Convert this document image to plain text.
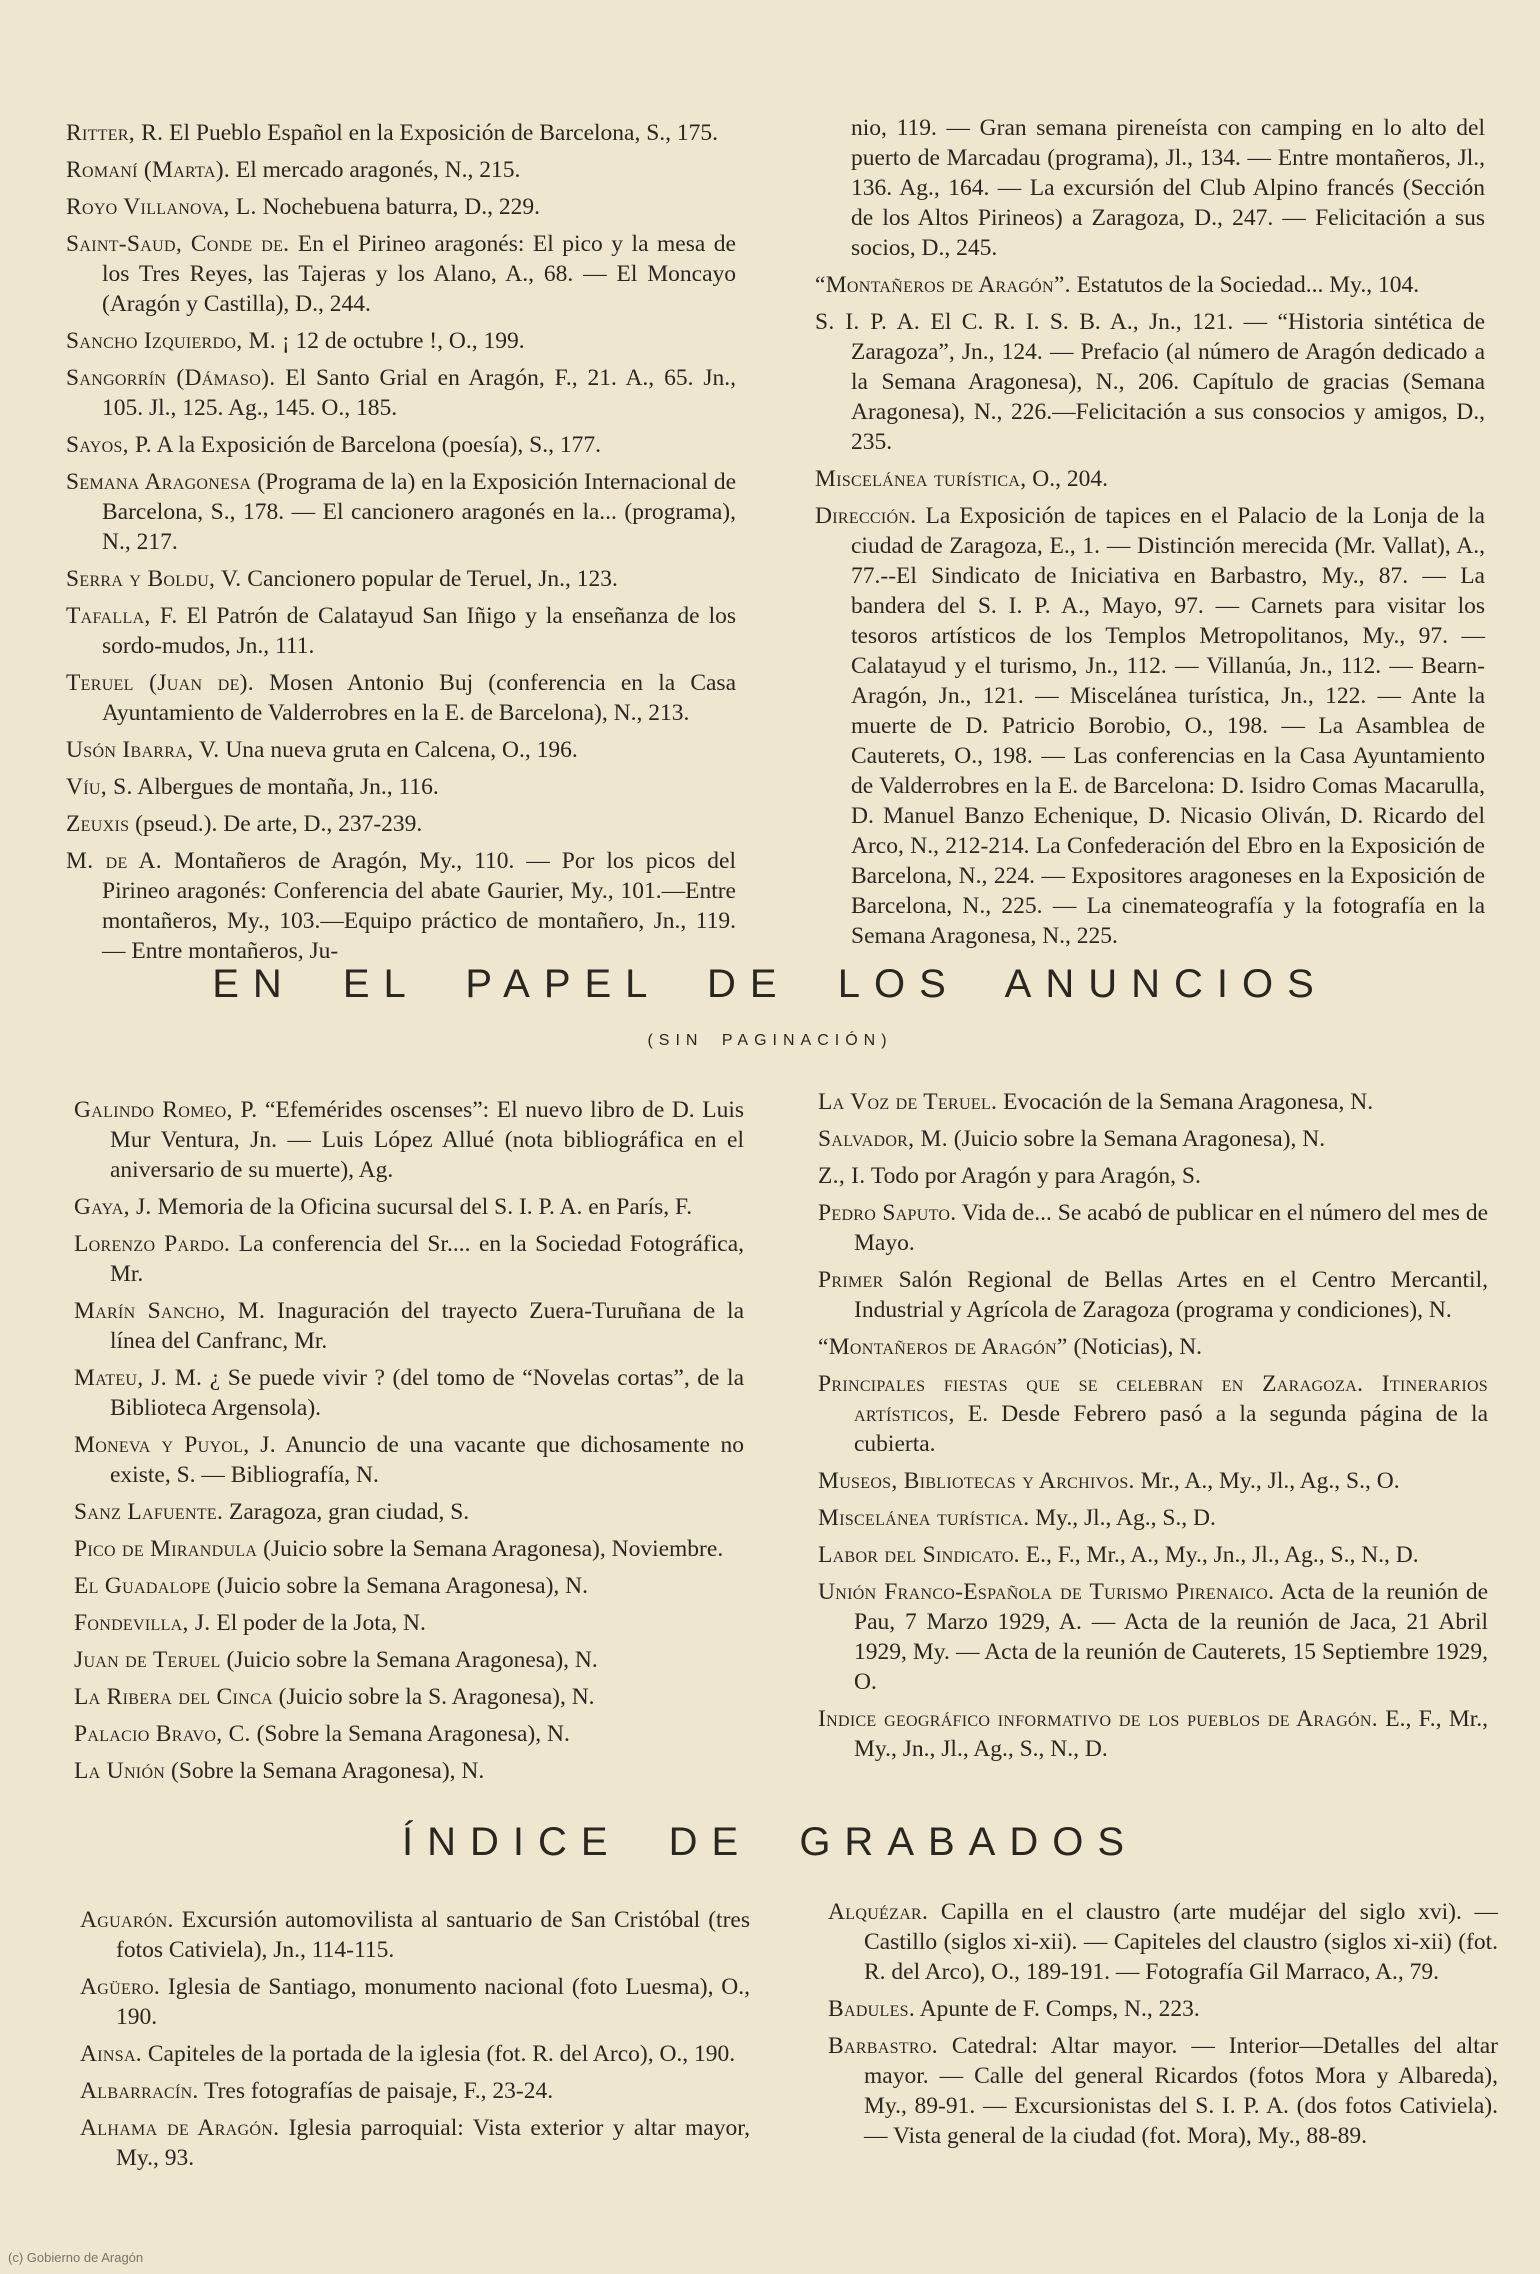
Ritter, R. El Pueblo Español en la Exposición de Barcelona, S., 175.

Romaní (Marta). El mercado aragonés, N., 215.

Royo Villanova, L. Nochebuena baturra, D., 229.

Saint-Saud, Conde de. En el Pirineo aragonés: El pico y la mesa de los Tres Reyes, las Tajeras y los Alano, A., 68. — El Moncayo (Aragón y Castilla), D., 244.

Sancho Izquierdo, M. ¡ 12 de octubre !, O., 199.

Sangorrín (Dámaso). El Santo Grial en Aragón, F., 21. A., 65. Jn., 105. Jl., 125. Ag., 145. O., 185.

Sayos, P. A la Exposición de Barcelona (poesía), S., 177.

Semana Aragonesa (Programa de la) en la Exposición Internacional de Barcelona, S., 178. — El cancionero aragonés en la... (programa), N., 217.

Serra y Boldu, V. Cancionero popular de Teruel, Jn., 123.

Tafalla, F. El Patrón de Calatayud San Iñigo y la enseñanza de los sordo-mudos, Jn., 111.

Teruel (Juan de). Mosen Antonio Buj (conferencia en la Casa Ayuntamiento de Valderrobres en la E. de Barcelona), N., 213.

Usón Ibarra, V. Una nueva gruta en Calcena, O., 196.

Víu, S. Albergues de montaña, Jn., 116.

Zeuxis (pseud.). De arte, D., 237-239.

M. de A. Montañeros de Aragón, My., 110. — Por los picos del Pirineo aragonés: Conferencia del abate Gaurier, My., 101.—Entre montañeros, My., 103.—Equipo práctico de montañero, Jn., 119. — Entre montañeros, Ju-

nio, 119. — Gran semana pireneísta con camping en lo alto del puerto de Marcadau (programa), Jl., 134. — Entre montañeros, Jl., 136. Ag., 164. — La excursión del Club Alpino francés (Sección de los Altos Pirineos) a Zaragoza, D., 247. — Felicitación a sus socios, D., 245.

“Montañeros de Aragón”. Estatutos de la Sociedad... My., 104.

S. I. P. A. El C. R. I. S. B. A., Jn., 121. — “Historia sintética de Zaragoza”, Jn., 124. — Prefacio (al número de Aragón dedicado a la Semana Aragonesa), N., 206. Capítulo de gracias (Semana Aragonesa), N., 226.—Felicitación a sus consocios y amigos, D., 235.

Miscelánea turística, O., 204.

Dirección. La Exposición de tapices en el Palacio de la Lonja de la ciudad de Zaragoza, E., 1. — Distinción merecida (Mr. Vallat), A., 77.--El Sindicato de Iniciativa en Barbastro, My., 87. — La bandera del S. I. P. A., Mayo, 97. — Carnets para visitar los tesoros artísticos de los Templos Metropolitanos, My., 97. — Calatayud y el turismo, Jn., 112. — Villanúa, Jn., 112. — Bearn-Aragón, Jn., 121. — Miscelánea turística, Jn., 122. — Ante la muerte de D. Patricio Borobio, O., 198. — La Asamblea de Cauterets, O., 198. — Las conferencias en la Casa Ayuntamiento de Valderrobres en la E. de Barcelona: D. Isidro Comas Macarulla, D. Manuel Banzo Echenique, D. Nicasio Oliván, D. Ricardo del Arco, N., 212-214. La Confederación del Ebro en la Exposición de Barcelona, N., 224. — Expositores aragoneses en la Exposición de Barcelona, N., 225. — La cinemateografía y la fotografía en la Semana Aragonesa, N., 225.

EN EL PAPEL DE LOS ANUNCIOS
(SIN PAGINACIÓN)

Galindo Romeo, P. “Efemérides oscenses”: El nuevo libro de D. Luis Mur Ventura, Jn. — Luis López Allué (nota bibliográfica en el aniversario de su muerte), Ag.

Gaya, J. Memoria de la Oficina sucursal del S. I. P. A. en París, F.

Lorenzo Pardo. La conferencia del Sr.... en la Sociedad Fotográfica, Mr.

Marín Sancho, M. Inaguración del trayecto Zuera-Turuñana de la línea del Canfranc, Mr.

Mateu, J. M. ¿ Se puede vivir ? (del tomo de “Novelas cortas”, de la Biblioteca Argensola).

Moneva y Puyol, J. Anuncio de una vacante que dichosamente no existe, S. — Bibliografía, N.

Sanz Lafuente. Zaragoza, gran ciudad, S.

Pico de Mirandula (Juicio sobre la Semana Aragonesa), Noviembre.

El Guadalope (Juicio sobre la Semana Aragonesa), N.

Fondevilla, J. El poder de la Jota, N.

Juan de Teruel (Juicio sobre la Semana Aragonesa), N.

La Ribera del Cinca (Juicio sobre la S. Aragonesa), N.

Palacio Bravo, C. (Sobre la Semana Aragonesa), N.

La Unión (Sobre la Semana Aragonesa), N.

La Voz de Teruel. Evocación de la Semana Aragonesa, N.

Salvador, M. (Juicio sobre la Semana Aragonesa), N.

Z., I. Todo por Aragón y para Aragón, S.

Pedro Saputo. Vida de... Se acabó de publicar en el número del mes de Mayo.

Primer Salón Regional de Bellas Artes en el Centro Mercantil, Industrial y Agrícola de Zaragoza (programa y condiciones), N.

“Montañeros de Aragón” (Noticias), N.

Principales fiestas que se celebran en Zaragoza. Itinerarios artísticos, E. Desde Febrero pasó a la segunda página de la cubierta.

Museos, Bibliotecas y Archivos. Mr., A., My., Jl., Ag., S., O.

Miscelánea turística. My., Jl., Ag., S., D.

Labor del Sindicato. E., F., Mr., A., My., Jn., Jl., Ag., S., N., D.

Unión Franco-Española de Turismo Pirenaico. Acta de la reunión de Pau, 7 Marzo 1929, A. — Acta de la reunión de Jaca, 21 Abril 1929, My. — Acta de la reunión de Cauterets, 15 Septiembre 1929, O.

Indice geográfico informativo de los pueblos de Aragón. E., F., Mr., My., Jn., Jl., Ag., S., N., D.

ÍNDICE DE GRABADOS

Aguarón. Excursión automovilista al santuario de San Cristóbal (tres fotos Cativiela), Jn., 114-115.

Agüero. Iglesia de Santiago, monumento nacional (foto Luesma), O., 190.

Ainsa. Capiteles de la portada de la iglesia (fot. R. del Arco), O., 190.

Albarracín. Tres fotografías de paisaje, F., 23-24.

Alhama de Aragón. Iglesia parroquial: Vista exterior y altar mayor, My., 93.

Alquézar. Capilla en el claustro (arte mudéjar del siglo xvi). — Castillo (siglos xi-xii). — Capiteles del claustro (siglos xi-xii) (fot. R. del Arco), O., 189-191. — Fotografía Gil Marraco, A., 79.

Badules. Apunte de F. Comps, N., 223.

Barbastro. Catedral: Altar mayor. — Interior—Detalles del altar mayor. — Calle del general Ricardos (fotos Mora y Albareda), My., 89-91. — Excursionistas del S. I. P. A. (dos fotos Cativiela). — Vista general de la ciudad (fot. Mora), My., 88-89.

(c) Gobierno de Aragón
